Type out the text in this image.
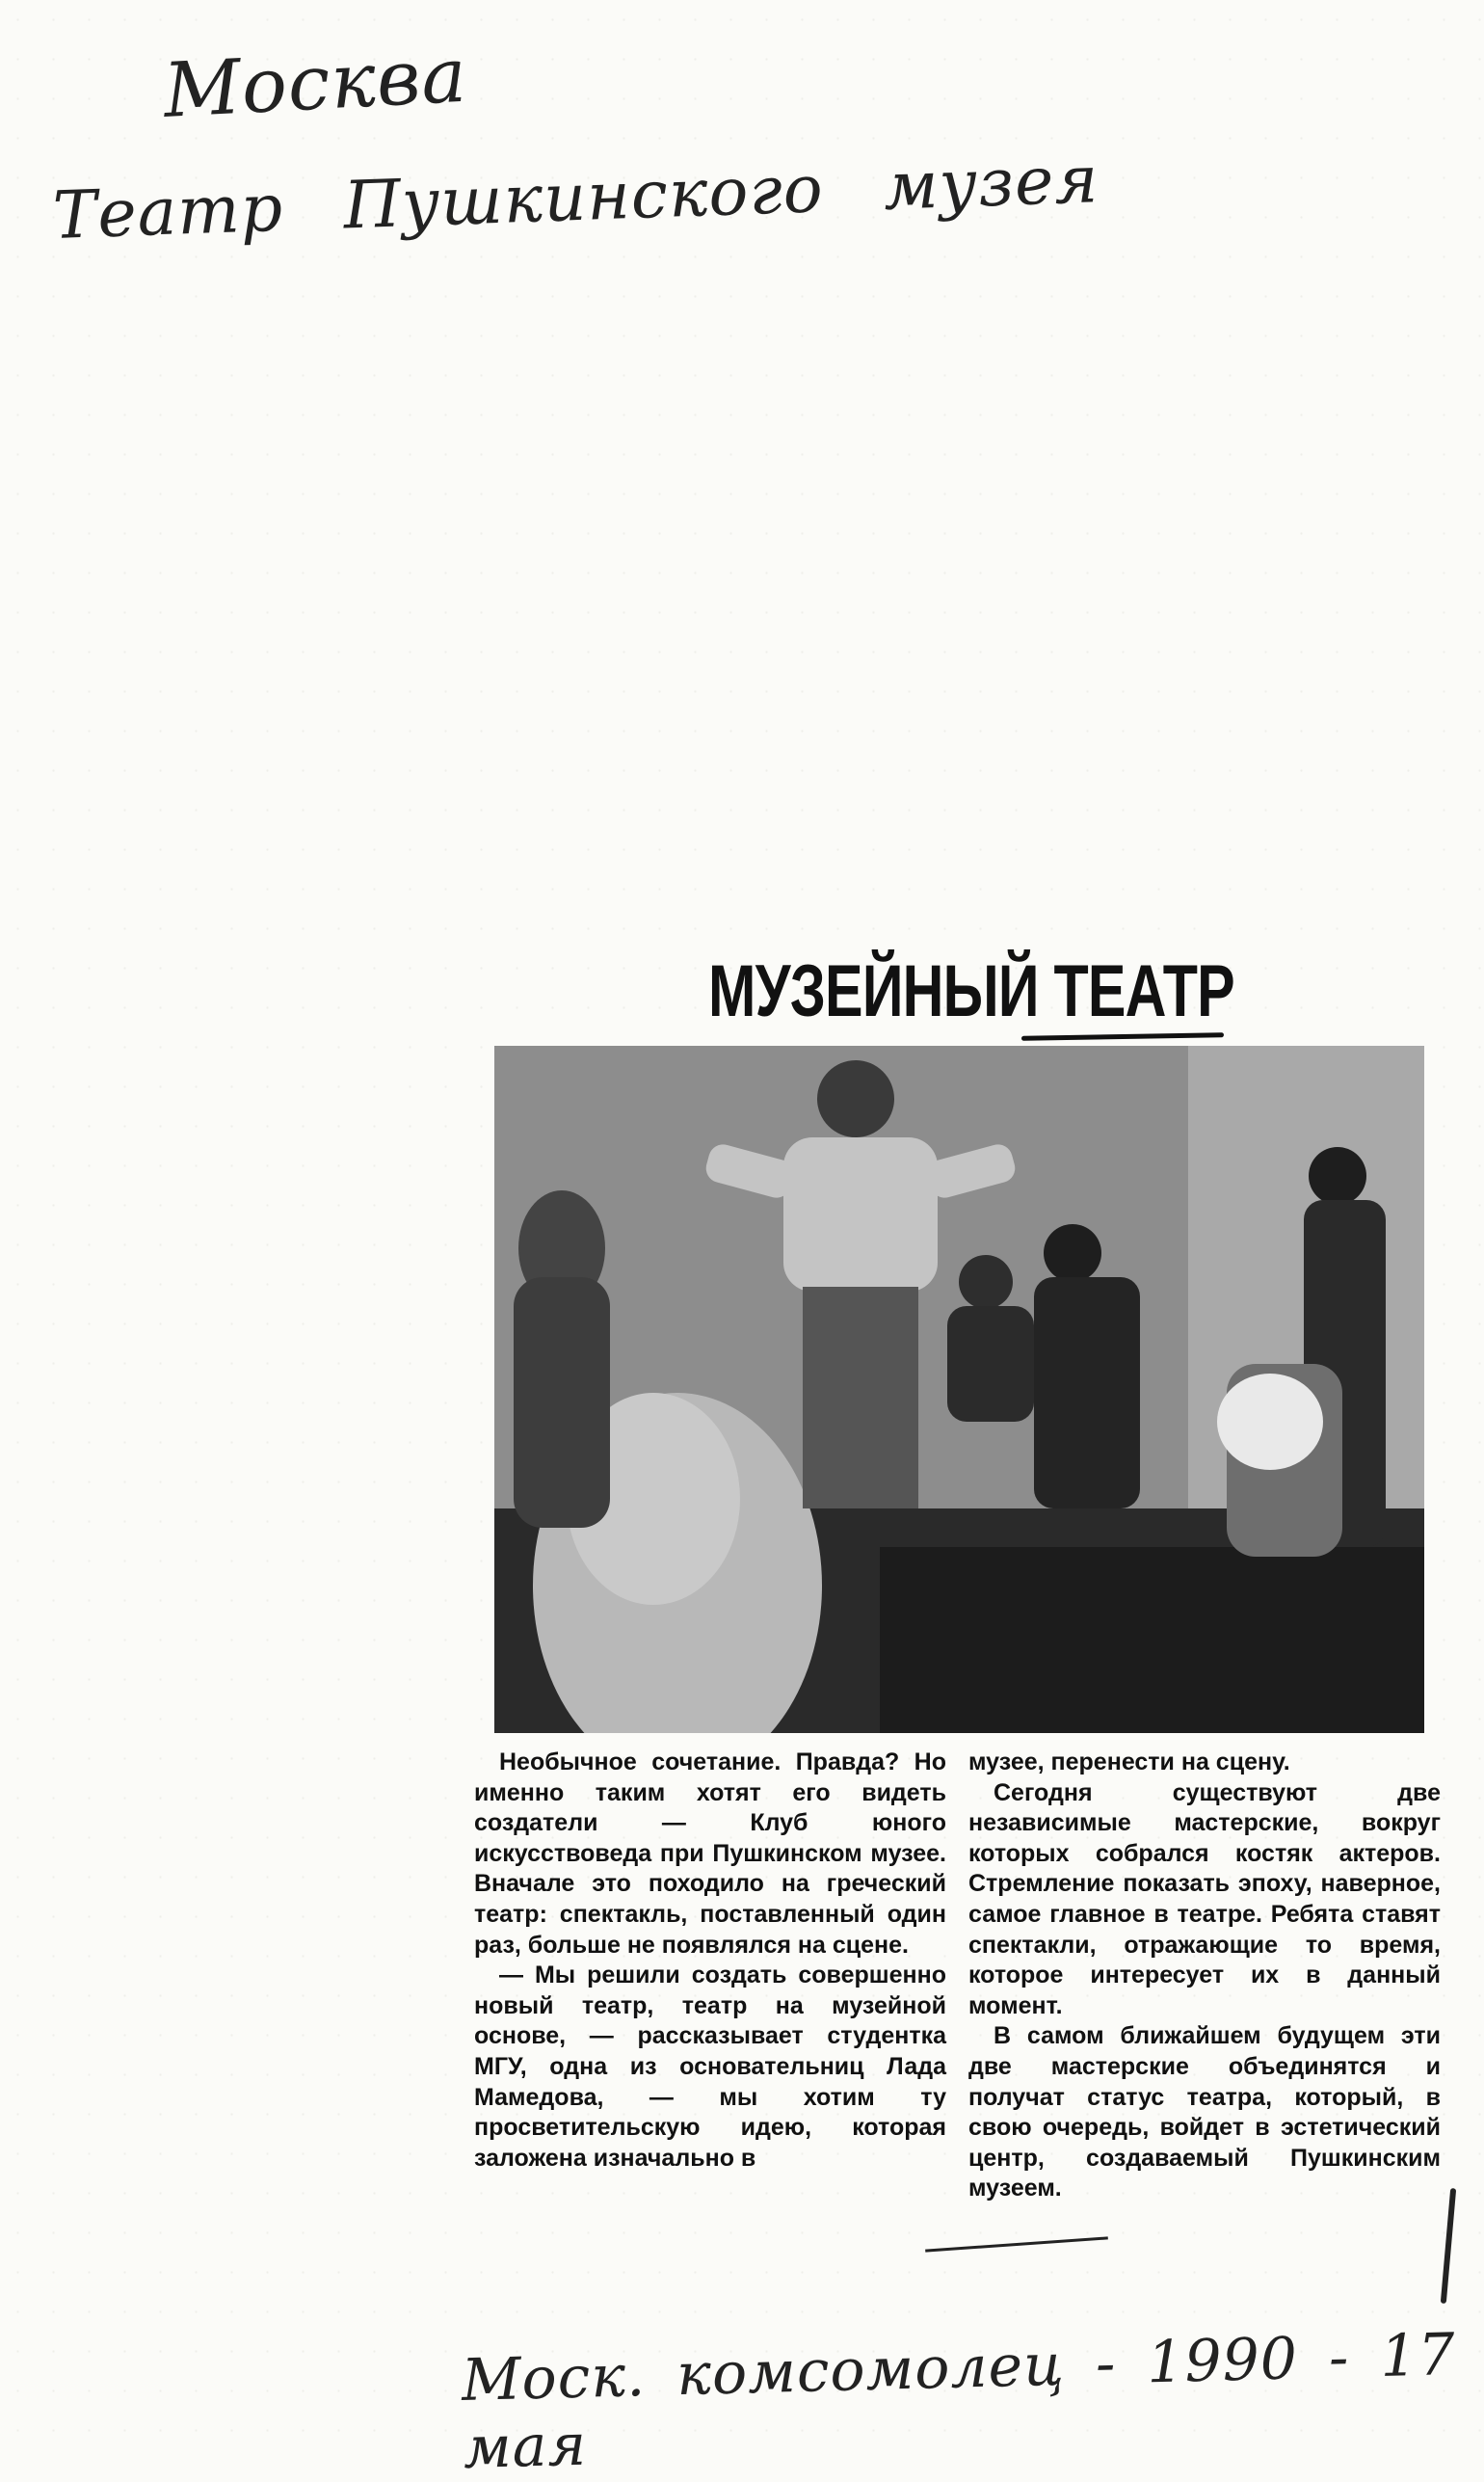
Москва
Театр Пушкинского музея
МУЗЕЙНЫЙ ТЕАТР

Необычное сочетание. Правда? Но именно таким хотят его видеть создатели — Клуб юного искусствоведа при Пушкинском музее. Вначале это походило на греческий театр: спектакль, поставленный один раз, больше не появлялся на сцене.

— Мы решили создать совершенно новый театр, театр на музейной основе, — рассказывает студентка МГУ, одна из основательниц Лада Мамедова, — мы хотим ту просветительскую идею, которая заложена изначально в

музее, перенести на сцену.

Сегодня существуют две независимые мастерские, вокруг которых собрался костяк актеров. Стремление показать эпоху, наверное, самое главное в театре. Ребята ставят спектакли, отражающие то время, которое интересует их в данный момент.

В самом ближайшем будущем эти две мастерские объединятся и получат статус театра, который, в свою очередь, войдет в эстетический центр, создаваемый Пушкинским музеем.

Моск. комсомолец - 1990 - 17 мая
